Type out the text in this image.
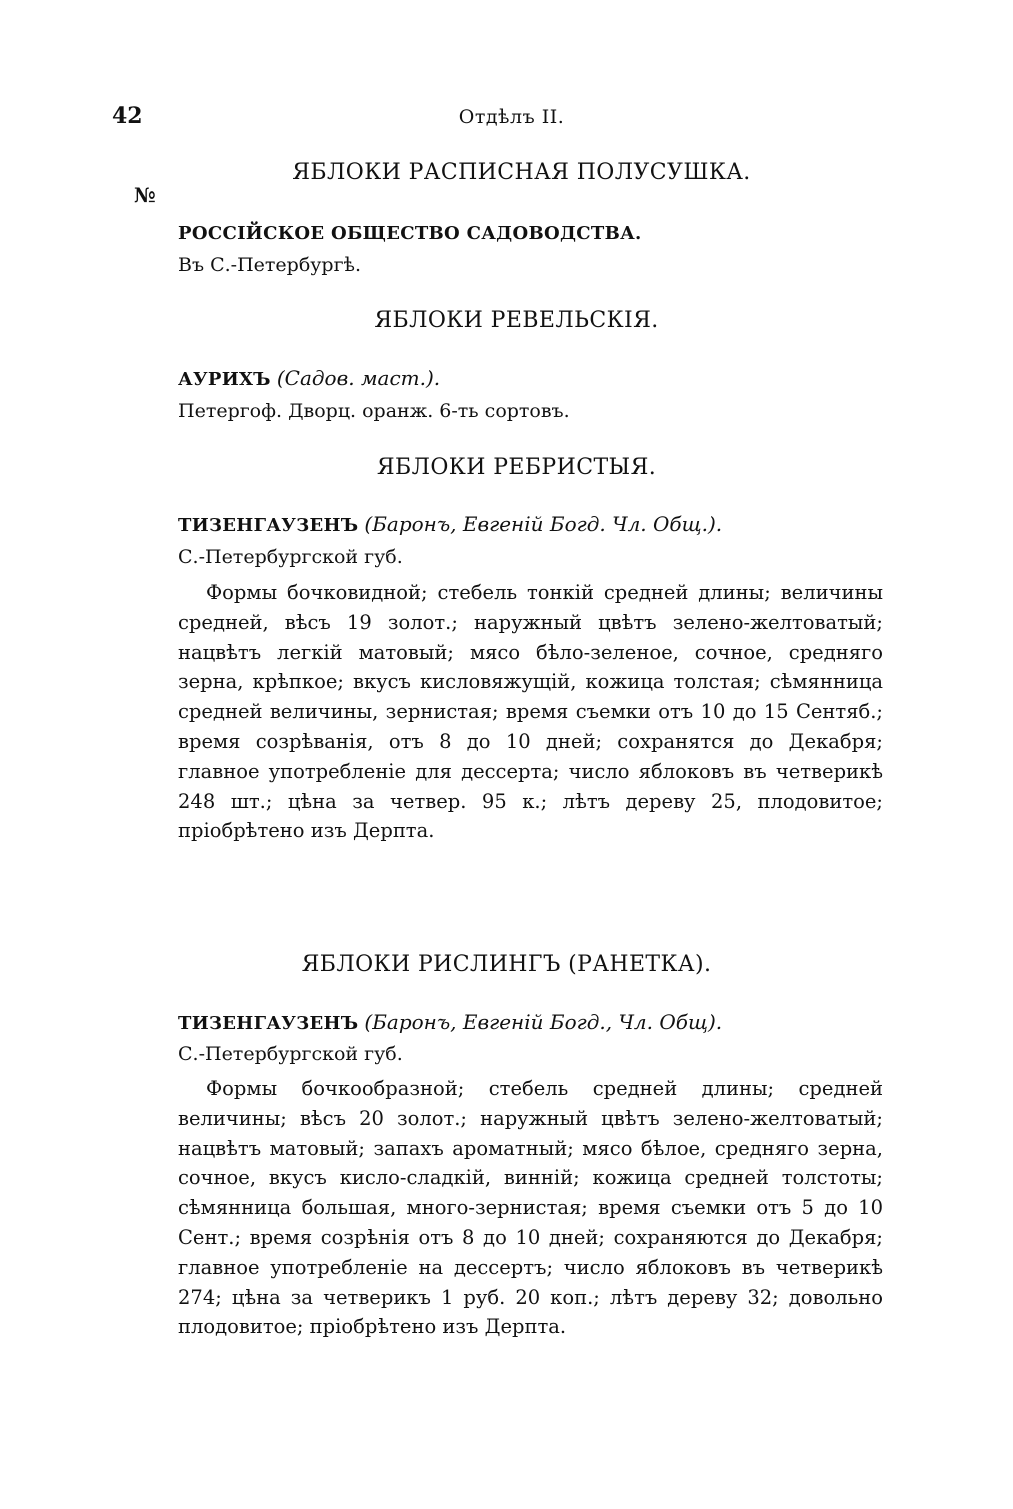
42	Отдѣлъ II.
№
ЯБЛОКИ РАСПИСНАЯ ПОЛУСУШКА.
РОССІЙСКОЕ ОБЩЕСТВО САДОВОДСТВА.
Въ С.-Петербургѣ.
ЯБЛОКИ РЕВЕЛЬСКІЯ.
АУРИХЪ (Садов. маст.).
Петергоф. Дворц. оранж. 6-ть сортовъ.
ЯБЛОКИ РЕБРИСТЫЯ.
ТИЗЕНГАУЗЕНЪ (Баронъ, Евгеній Богд. Чл. Общ.).
С.-Петербургской губ.

Формы бочковидной; стебель тонкій средней длины; величины средней, вѣсъ 19 золот.; наружный цвѣтъ зелено-желтоватый; нацвѣтъ легкій матовый; мясо бѣло-зеленое, сочное, средняго зерна, крѣпкое; вкусъ кисловяжущій, кожица толстая; сѣмянница средней величины, зернистая; время съемки отъ 10 до 15 Сентяб.; время созрѣванія, отъ 8 до 10 дней; сохранятся до Декабря; главное употребленіе для дессерта; число яблоковъ въ четверикѣ 248 шт.; цѣна за четвер. 95 к.; лѣтъ дереву 25, плодовитое; пріобрѣтено изъ Дерпта.

ЯБЛОКИ РИСЛИНГЪ (РАНЕТКА).
ТИЗЕНГАУЗЕНЪ (Баронъ, Евгеній Богд., Чл. Общ).
С.-Петербургской губ.

Формы бочкообразной; стебель средней длины; средней величины; вѣсъ 20 золот.; наружный цвѣтъ зелено-желтоватый; нацвѣтъ матовый; запахъ ароматный; мясо бѣлое, средняго зерна, сочное, вкусъ кисло-сладкій, винній; кожица средней толстоты; сѣмянница большая, много-зернистая; время съемки отъ 5 до 10 Сент.; время созрѣнія отъ 8 до 10 дней; сохраняются до Декабря; главное употребленіе на дессертъ; число яблоковъ въ четверикѣ 274; цѣна за четверикъ 1 руб. 20 коп.; лѣтъ дереву 32; довольно плодовитое; пріобрѣтено изъ Дерпта.
